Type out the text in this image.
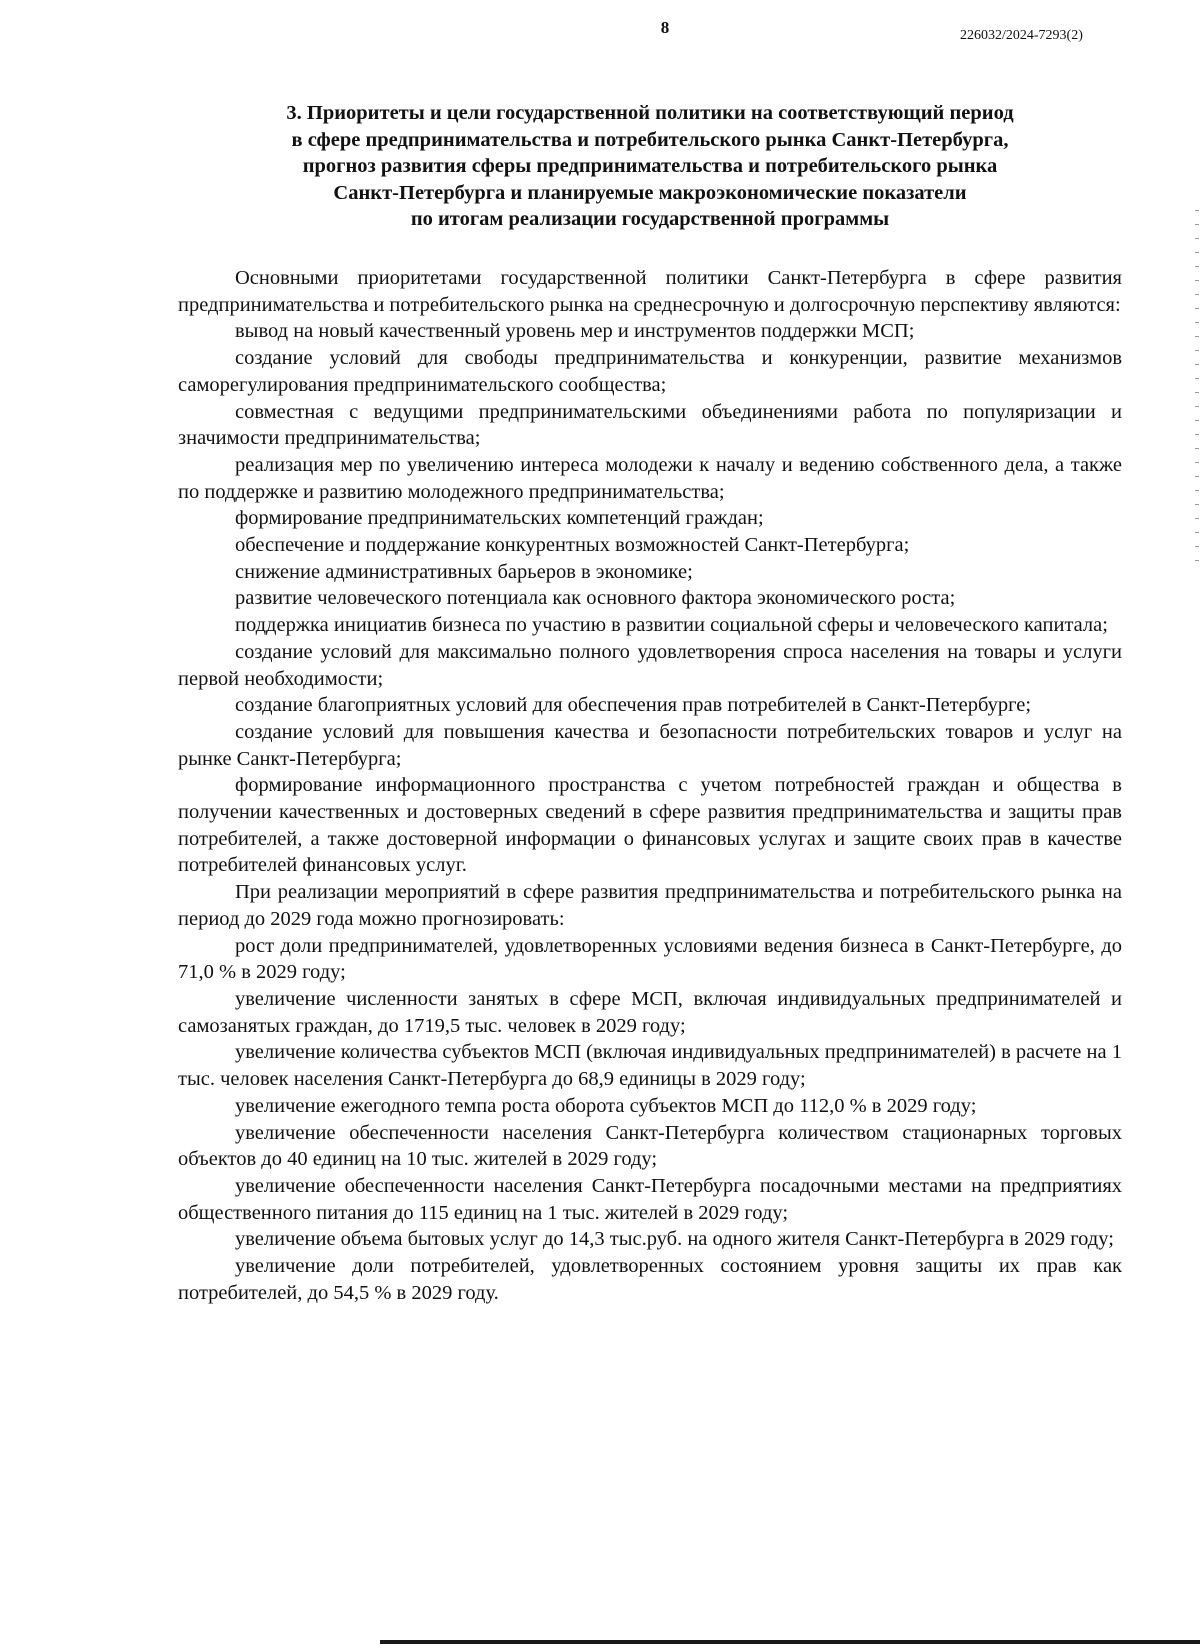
8	226032/2024-7293(2)
3. Приоритеты и цели государственной политики на соответствующий период
в сфере предпринимательства и потребительского рынка Санкт-Петербурга,
прогноз развития сферы предпринимательства и потребительского рынка
Санкт-Петербурга и планируемые макроэкономические показатели
по итогам реализации государственной программы

Основными приоритетами государственной политики Санкт-Петербурга в сфере развития предпринимательства и потребительского рынка на среднесрочную и долгосрочную перспективу являются:

вывод на новый качественный уровень мер и инструментов поддержки МСП;

создание условий для свободы предпринимательства и конкуренции, развитие механизмов саморегулирования предпринимательского сообщества;

совместная с ведущими предпринимательскими объединениями работа по популяризации и значимости предпринимательства;

реализация мер по увеличению интереса молодежи к началу и ведению собственного дела, а также по поддержке и развитию молодежного предпринимательства;

формирование предпринимательских компетенций граждан;

обеспечение и поддержание конкурентных возможностей Санкт-Петербурга;

снижение административных барьеров в экономике;

развитие человеческого потенциала как основного фактора экономического роста;

поддержка инициатив бизнеса по участию в развитии социальной сферы и человеческого капитала;

создание условий для максимально полного удовлетворения спроса населения на товары и услуги первой необходимости;

создание благоприятных условий для обеспечения прав потребителей в Санкт-Петербурге;

создание условий для повышения качества и безопасности потребительских товаров и услуг на рынке Санкт-Петербурга;

формирование информационного пространства с учетом потребностей граждан и общества в получении качественных и достоверных сведений в сфере развития предпринимательства и защиты прав потребителей, а также достоверной информации о финансовых услугах и защите своих прав в качестве потребителей финансовых услуг.

При реализации мероприятий в сфере развития предпринимательства и потребительского рынка на период до 2029 года можно прогнозировать:

рост доли предпринимателей, удовлетворенных условиями ведения бизнеса в Санкт-Петербурге, до 71,0 % в 2029 году;

увеличение численности занятых в сфере МСП, включая индивидуальных предпринимателей и самозанятых граждан, до 1719,5 тыс. человек в 2029 году;

увеличение количества субъектов МСП (включая индивидуальных предпринимателей) в расчете на 1 тыс. человек населения Санкт-Петербурга до 68,9 единицы в 2029 году;

увеличение ежегодного темпа роста оборота субъектов МСП до 112,0 % в 2029 году;

увеличение обеспеченности населения Санкт-Петербурга количеством стационарных торговых объектов до 40 единиц на 10 тыс. жителей в 2029 году;

увеличение обеспеченности населения Санкт-Петербурга посадочными местами на предприятиях общественного питания до 115 единиц на 1 тыс. жителей в 2029 году;

увеличение объема бытовых услуг до 14,3 тыс.руб. на одного жителя Санкт-Петербурга в 2029 году;

увеличение доли потребителей, удовлетворенных состоянием уровня защиты их прав как потребителей, до 54,5 % в 2029 году.
